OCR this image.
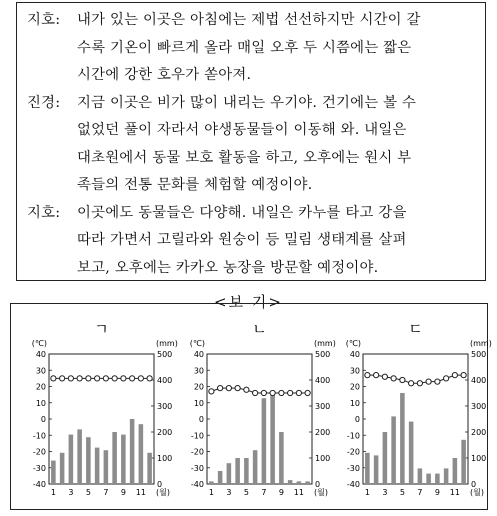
지호:	내가 있는 이곳은 아침에는 제법 선선하지만 시간이 갈
수록 기온이 빠르게 올라 매일 오후 두 시쯤에는 짧은
시간에 강한 호우가 쏟아져.
진경:	지금 이곳은 비가 많이 내리는 우기야. 건기에는 볼 수
없었던 풀이 자라서 야생동물들이 이동해 와. 내일은
대초원에서 동물 보호 활동을 하고, 오후에는 원시 부
족들의 전통 문화를 체험할 예정이야.
지호:	이곳에도 동물들은 다양해. 내일은 카누를 타고 강을
따라 가면서 고릴라와 원숭이 등 밀림 생태계를 살펴
보고, 오후에는 카카오 농장을 방문할 예정이야.
<보 기>
ㄱ
(℃)	(mm)
40
30
20
10
0
-10
-20
-30
-40
500
400
300
200
100
0
1 3 5 7 9 11 (월)
ㄴ
(℃)	(mm)
40
30
20
10
0
-10
-20
-30
-40
500
400
300
200
100
0
1 3 5 7 9 11 (월)
ㄷ
(℃)	(mm)
40
30
20
10
0
-10
-20
-30
-40
500
400
300
200
100
0
1 3 5 7 9 11 (월)
